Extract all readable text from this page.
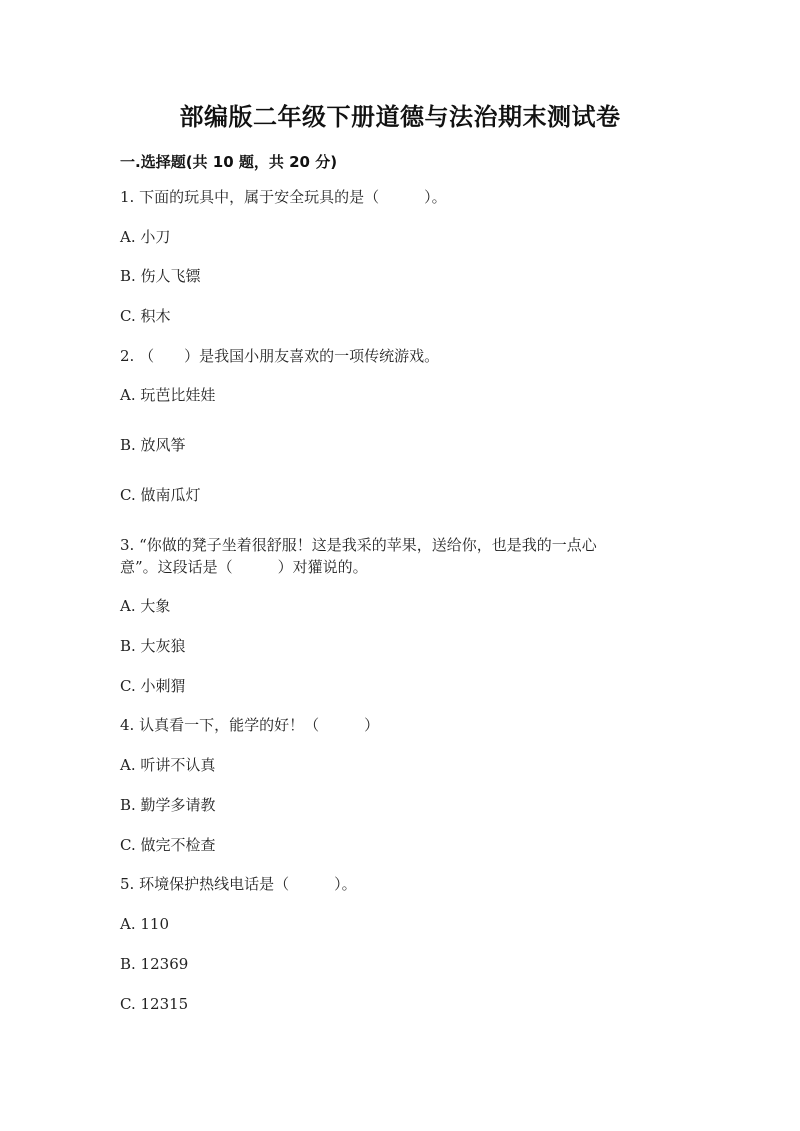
部编版二年级下册道德与法治期末测试卷
一.选择题(共 10 题，共 20 分)
1. 下面的玩具中，属于安全玩具的是（　　　）。
A. 小刀
B. 伤人飞镖
C. 积木
2. （　　）是我国小朋友喜欢的一项传统游戏。
A. 玩芭比娃娃
B. 放风筝
C. 做南瓜灯
3. “你做的凳子坐着很舒服！这是我采的苹果，送给你，也是我的一点心
意”。这段话是（　　　）对獾说的。
A. 大象
B. 大灰狼
C. 小刺猬
4. 认真看一下，能学的好！（　　　）
A. 听讲不认真
B. 勤学多请教
C. 做完不检查
5. 环境保护热线电话是（　　　）。
A. 110
B. 12369
C. 12315
